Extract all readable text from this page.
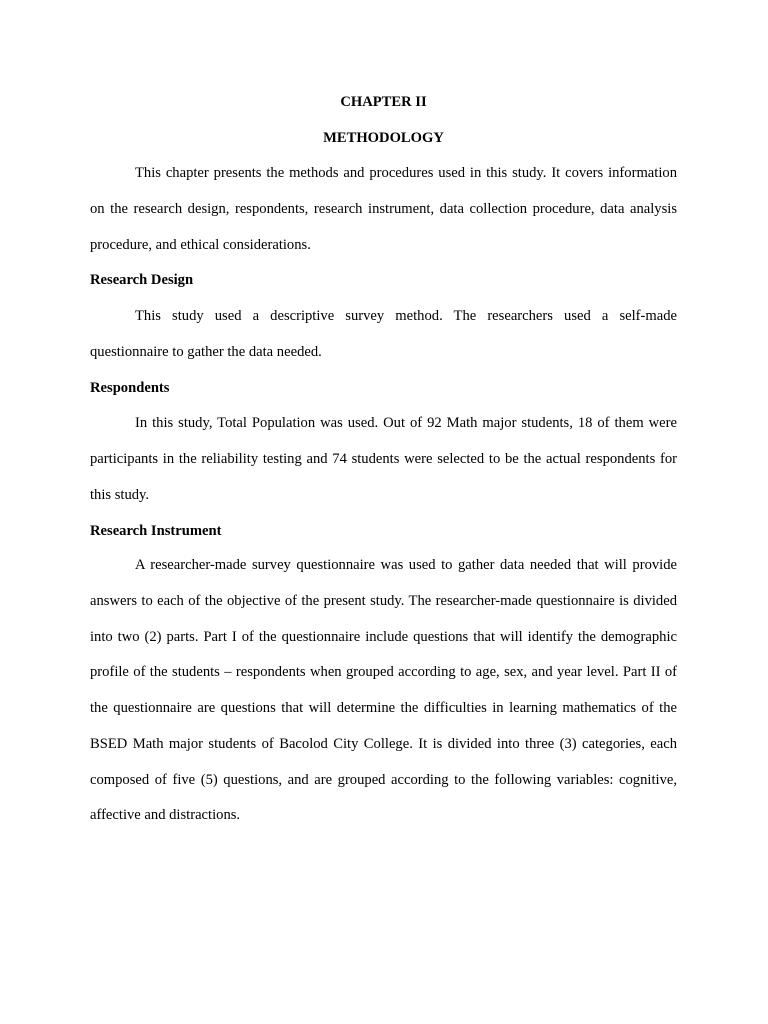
CHAPTER II

METHODOLOGY

This chapter presents the methods and procedures used in this study. It covers information on the research design, respondents, research instrument, data collection procedure, data analysis procedure, and ethical considerations.

Research Design

This study used a descriptive survey method. The researchers used a self-made questionnaire to gather the data needed.

Respondents

In this study, Total Population was used. Out of 92 Math major students, 18 of them were participants in the reliability testing and 74 students were selected to be the actual respondents for this study.

Research Instrument

A researcher-made survey questionnaire was used to gather data needed that will provide answers to each of the objective of the present study. The researcher-made questionnaire is divided into two (2) parts. Part I of the questionnaire include questions that will identify the demographic profile of the students – respondents when grouped according to age, sex, and year level. Part II of the questionnaire are questions that will determine the difficulties in learning mathematics of the BSED Math major students of Bacolod City College. It is divided into three (3) categories, each composed of five (5) questions, and are grouped according to the following variables: cognitive, affective and distractions.
